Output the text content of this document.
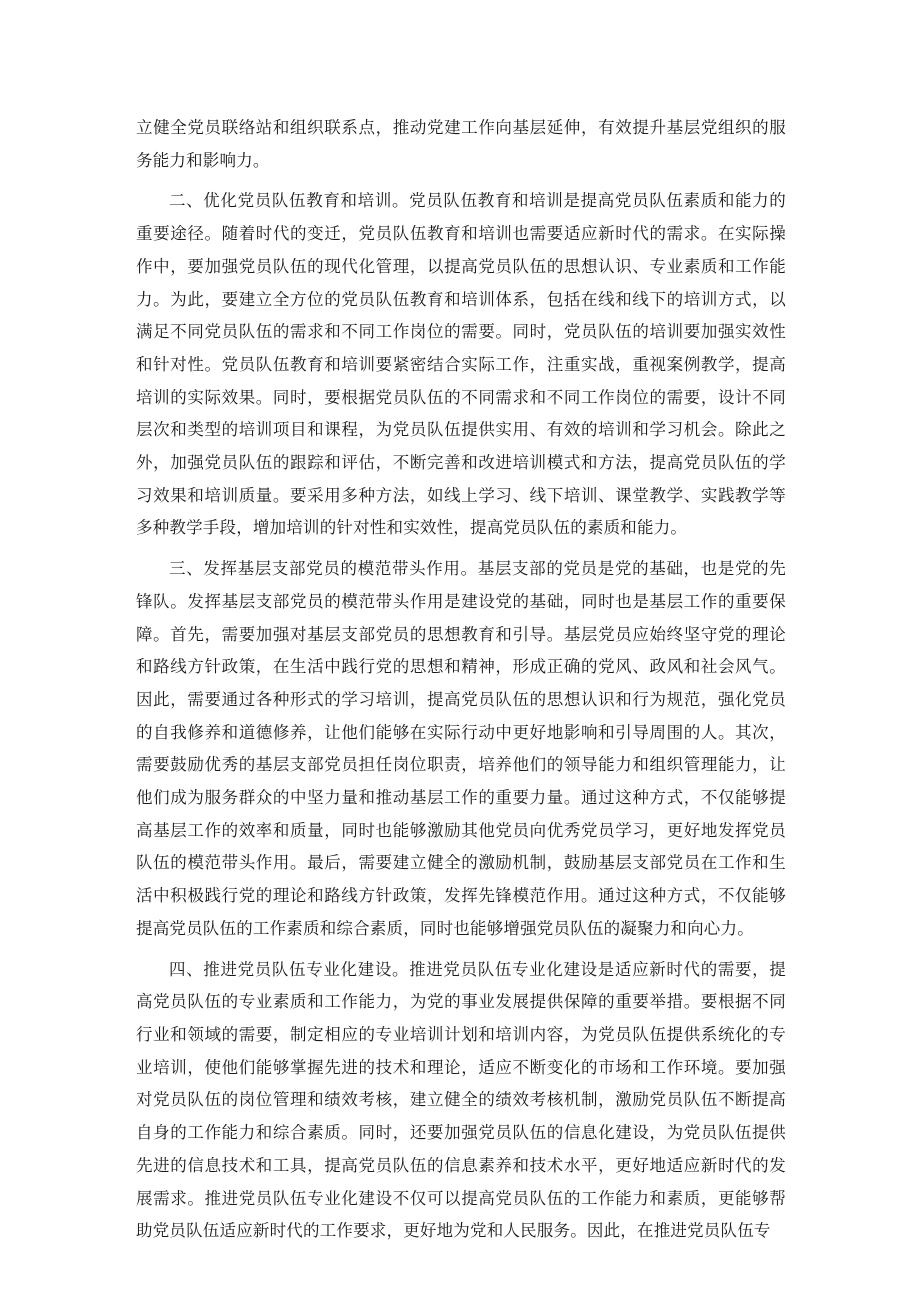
立健全党员联络站和组织联系点，推动党建工作向基层延伸，有效提升基层党组织的服务能力和影响力。

二、优化党员队伍教育和培训。党员队伍教育和培训是提高党员队伍素质和能力的重要途径。随着时代的变迁，党员队伍教育和培训也需要适应新时代的需求。在实际操作中，要加强党员队伍的现代化管理，以提高党员队伍的思想认识、专业素质和工作能力。为此，要建立全方位的党员队伍教育和培训体系，包括在线和线下的培训方式，以满足不同党员队伍的需求和不同工作岗位的需要。同时，党员队伍的培训要加强实效性和针对性。党员队伍教育和培训要紧密结合实际工作，注重实战，重视案例教学，提高培训的实际效果。同时，要根据党员队伍的不同需求和不同工作岗位的需要，设计不同层次和类型的培训项目和课程，为党员队伍提供实用、有效的培训和学习机会。除此之外，加强党员队伍的跟踪和评估，不断完善和改进培训模式和方法，提高党员队伍的学习效果和培训质量。要采用多种方法，如线上学习、线下培训、课堂教学、实践教学等多种教学手段，增加培训的针对性和实效性，提高党员队伍的素质和能力。

三、发挥基层支部党员的模范带头作用。基层支部的党员是党的基础，也是党的先锋队。发挥基层支部党员的模范带头作用是建设党的基础，同时也是基层工作的重要保障。首先，需要加强对基层支部党员的思想教育和引导。基层党员应始终坚守党的理论和路线方针政策，在生活中践行党的思想和精神，形成正确的党风、政风和社会风气。因此，需要通过各种形式的学习培训，提高党员队伍的思想认识和行为规范，强化党员的自我修养和道德修养，让他们能够在实际行动中更好地影响和引导周围的人。其次，需要鼓励优秀的基层支部党员担任岗位职责，培养他们的领导能力和组织管理能力，让他们成为服务群众的中坚力量和推动基层工作的重要力量。通过这种方式，不仅能够提高基层工作的效率和质量，同时也能够激励其他党员向优秀党员学习，更好地发挥党员队伍的模范带头作用。最后，需要建立健全的激励机制，鼓励基层支部党员在工作和生活中积极践行党的理论和路线方针政策，发挥先锋模范作用。通过这种方式，不仅能够提高党员队伍的工作素质和综合素质，同时也能够增强党员队伍的凝聚力和向心力。

四、推进党员队伍专业化建设。推进党员队伍专业化建设是适应新时代的需要，提高党员队伍的专业素质和工作能力，为党的事业发展提供保障的重要举措。要根据不同行业和领域的需要，制定相应的专业培训计划和培训内容，为党员队伍提供系统化的专业培训，使他们能够掌握先进的技术和理论，适应不断变化的市场和工作环境。要加强对党员队伍的岗位管理和绩效考核，建立健全的绩效考核机制，激励党员队伍不断提高自身的工作能力和综合素质。同时，还要加强党员队伍的信息化建设，为党员队伍提供先进的信息技术和工具，提高党员队伍的信息素养和技术水平，更好地适应新时代的发展需求。推进党员队伍专业化建设不仅可以提高党员队伍的工作能力和素质，更能够帮助党员队伍适应新时代的工作要求，更好地为党和人民服务。因此，在推进党员队伍专
